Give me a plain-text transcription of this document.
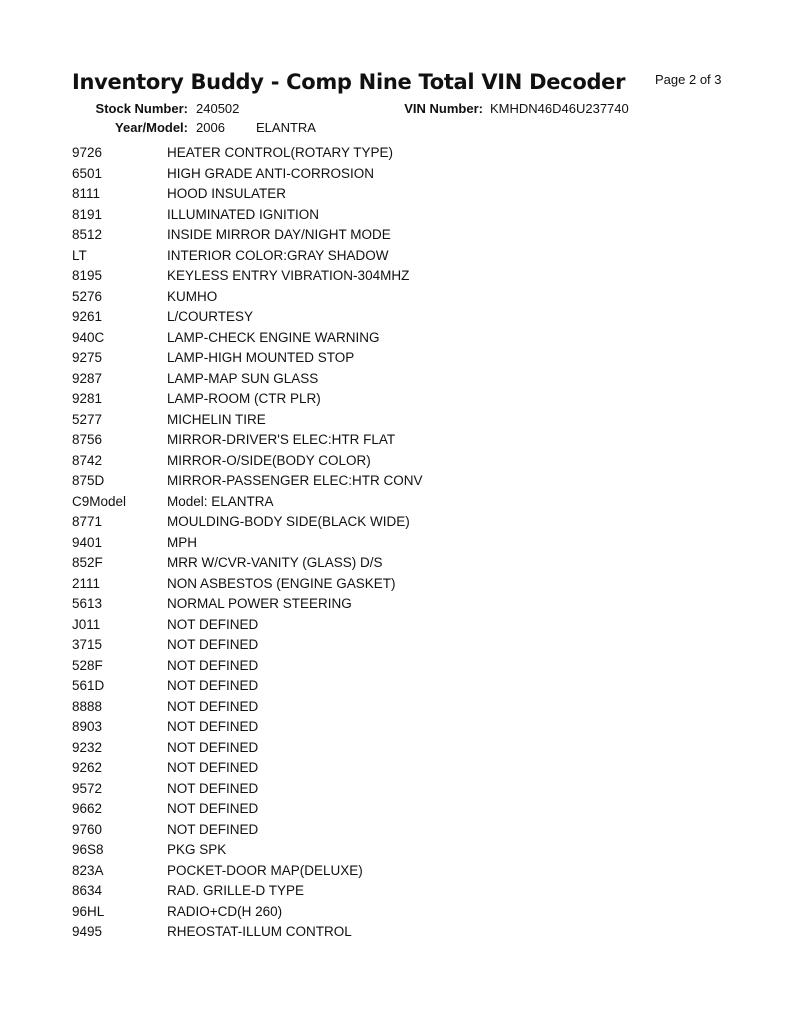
Inventory Buddy - Comp Nine Total VIN Decoder Page 2 of 3
Stock Number: 240502	VIN Number: KMHDN46D46U237740
Year/Model: 2006 ELANTRA
9726	HEATER CONTROL(ROTARY TYPE)
6501	HIGH GRADE ANTI-CORROSION
8111	HOOD INSULATER
8191	ILLUMINATED IGNITION
8512	INSIDE MIRROR DAY/NIGHT MODE
LT	INTERIOR COLOR:GRAY SHADOW
8195	KEYLESS ENTRY VIBRATION-304MHZ
5276	KUMHO
9261	L/COURTESY
940C	LAMP-CHECK ENGINE WARNING
9275	LAMP-HIGH MOUNTED STOP
9287	LAMP-MAP SUN GLASS
9281	LAMP-ROOM (CTR PLR)
5277	MICHELIN TIRE
8756	MIRROR-DRIVER'S ELEC:HTR FLAT
8742	MIRROR-O/SIDE(BODY COLOR)
875D	MIRROR-PASSENGER ELEC:HTR CONV
C9Model	Model: ELANTRA
8771	MOULDING-BODY SIDE(BLACK WIDE)
9401	MPH
852F	MRR W/CVR-VANITY (GLASS) D/S
2111	NON ASBESTOS (ENGINE GASKET)
5613	NORMAL POWER STEERING
J011	NOT DEFINED
3715	NOT DEFINED
528F	NOT DEFINED
561D	NOT DEFINED
8888	NOT DEFINED
8903	NOT DEFINED
9232	NOT DEFINED
9262	NOT DEFINED
9572	NOT DEFINED
9662	NOT DEFINED
9760	NOT DEFINED
96S8	PKG SPK
823A	POCKET-DOOR MAP(DELUXE)
8634	RAD. GRILLE-D TYPE
96HL	RADIO+CD(H 260)
9495	RHEOSTAT-ILLUM CONTROL
